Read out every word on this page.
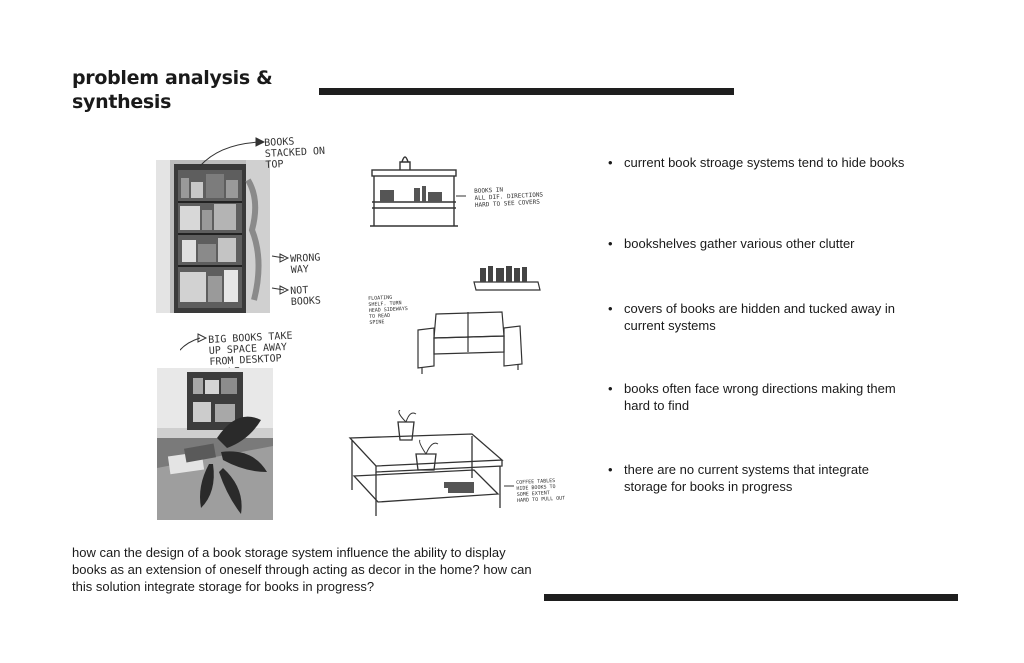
problem analysis & synthesis
BOOKS
STACKED ON
TOP
WRONG
WAY
NOT
BOOKS
BIG BOOKS TAKE
UP SPACE AWAY
FROM DESKTOP

BOOKS IN
ALL DIF. DIRECTIONS
HARD TO SEE COVERS
FLOATING
SHELF. TURN
HEAD SIDEWAYS
TO READ
SPINE
COFFEE TABLES
HIDE BOOKS TO
SOME EXTENT
HARD TO PULL OUT
• current book stroage systems tend to hide books
• bookshelves gather various other clutter
• covers of books are hidden and tucked away in current systems
• books often face wrong directions making them hard to find
• there are no current systems that integrate storage for books in progress

how can the design of a book storage system influence the ability to display books as an extension of oneself through acting as decor in the home? how can this solution integrate storage for books in progress?
